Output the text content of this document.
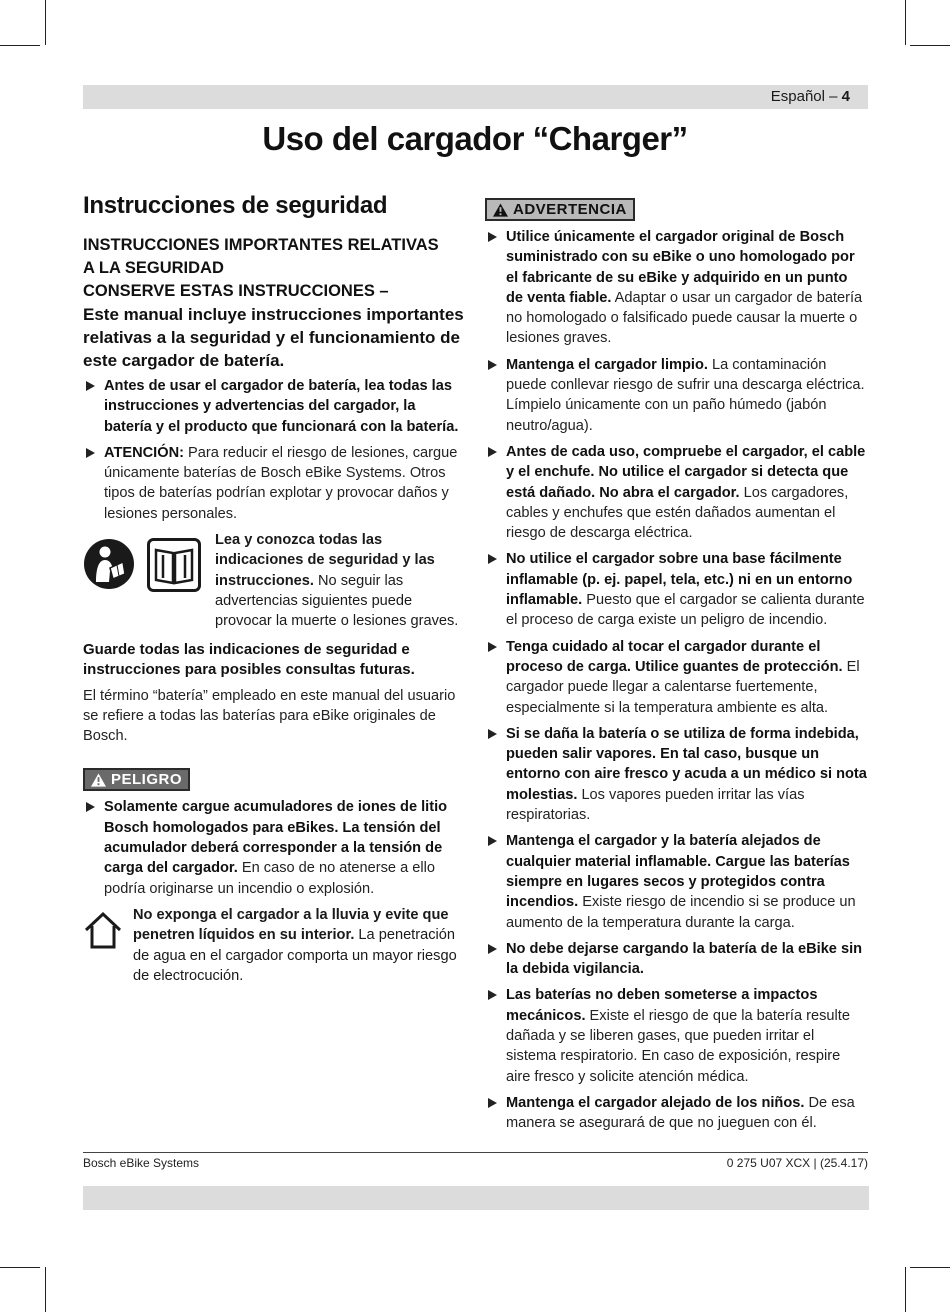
Español – 4
Uso del cargador “Charger”
Instrucciones de seguridad

INSTRUCCIONES IMPORTANTES RELATIVAS

A LA SEGURIDAD

CONSERVE ESTAS INSTRUCCIONES –

Este manual incluye instrucciones importantes relativas a la seguridad y el funcionamiento de este cargador de batería.

Antes de usar el cargador de batería, lea todas las instrucciones y advertencias del cargador, la batería y el producto que funcionará con la batería.
ATENCIÓN: Para reducir el riesgo de lesiones, cargue únicamente baterías de Bosch eBike Systems. Otros tipos de baterías podrían explotar y provocar daños y lesiones personales.
Lea y conozca todas las indicaciones de seguridad y las instrucciones. No seguir las advertencias siguientes puede provocar la muerte o lesiones graves.
Guarde todas las indicaciones de seguridad e instrucciones para posibles consultas futuras.

El término “batería” empleado en este manual del usuario se refiere a todas las baterías para eBike originales de Bosch.

PELIGRO
Solamente cargue acumuladores de iones de litio Bosch homologados para eBikes. La tensión del acumulador deberá corresponder a la tensión de carga del cargador. En caso de no atenerse a ello podría originarse un incendio o explosión.
No exponga el cargador a la lluvia y evite que penetren líquidos en su interior. La penetración de agua en el cargador comporta un mayor riesgo de electrocución.
ADVERTENCIA
Utilice únicamente el cargador original de Bosch suministrado con su eBike o uno homologado por el fabricante de su eBike y adquirido en un punto de venta fiable. Adaptar o usar un cargador de batería no homologado o falsificado puede causar la muerte o lesiones graves.
Mantenga el cargador limpio. La contaminación puede conllevar riesgo de sufrir una descarga eléctrica. Límpielo únicamente con un paño húmedo (jabón neutro/agua).
Antes de cada uso, compruebe el cargador, el cable y el enchufe. No utilice el cargador si detecta que está dañado. No abra el cargador. Los cargadores, cables y enchufes que estén dañados aumentan el riesgo de descarga eléctrica.
No utilice el cargador sobre una base fácilmente inflamable (p. ej. papel, tela, etc.) ni en un entorno inflamable. Puesto que el cargador se calienta durante el proceso de carga existe un peligro de incendio.
Tenga cuidado al tocar el cargador durante el proceso de carga. Utilice guantes de protección. El cargador puede llegar a calentarse fuertemente, especialmente si la temperatura ambiente es alta.
Si se daña la batería o se utiliza de forma indebida, pueden salir vapores. En tal caso, busque un entorno con aire fresco y acuda a un médico si nota molestias. Los vapores pueden irritar las vías respiratorias.
Mantenga el cargador y la batería alejados de cualquier material inflamable. Cargue las baterías siempre en lugares secos y protegidos contra incendios. Existe riesgo de incendio si se produce un aumento de la temperatura durante la carga.
No debe dejarse cargando la batería de la eBike sin la debida vigilancia.
Las baterías no deben someterse a impactos mecánicos. Existe el riesgo de que la batería resulte dañada y se liberen gases, que pueden irritar el sistema respiratorio. En caso de exposición, respire aire fresco y solicite atención médica.
Mantenga el cargador alejado de los niños. De esa manera se asegurará de que no jueguen con él.
Bosch eBike Systems	0 275 U07 XCX | (25.4.17)
